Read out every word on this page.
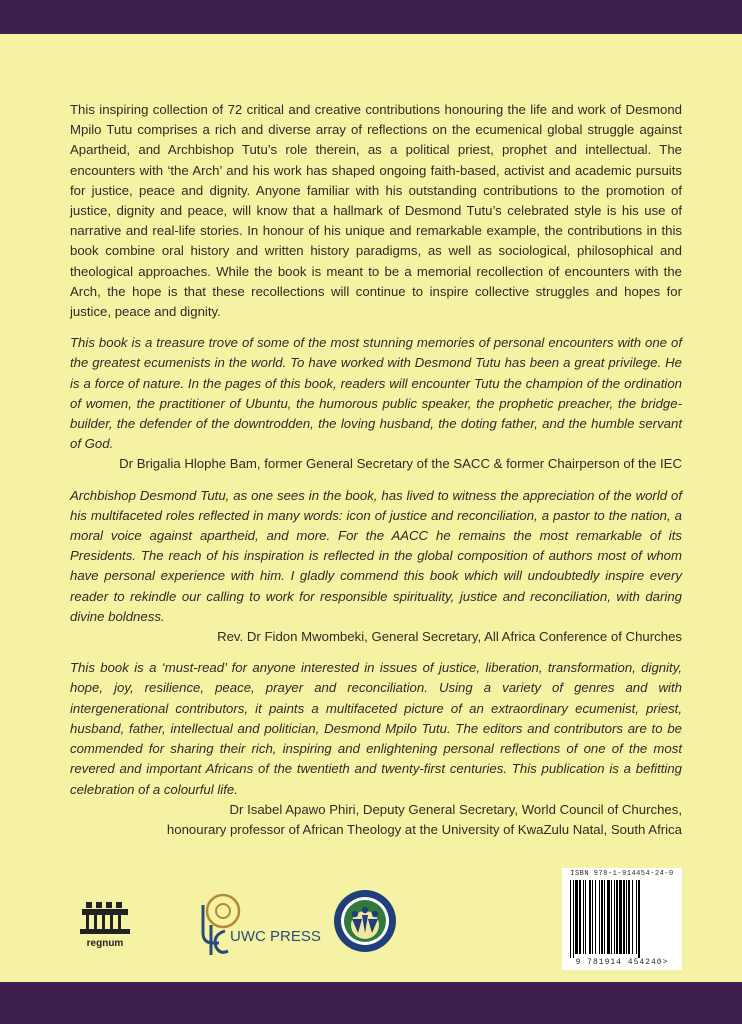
This inspiring collection of 72 critical and creative contributions honouring the life and work of Desmond Mpilo Tutu comprises a rich and diverse array of reflections on the ecumenical global struggle against Apartheid, and Archbishop Tutu’s role therein, as a political priest, prophet and intellectual. The encounters with ‘the Arch’ and his work has shaped ongoing faith-based, activist and academic pursuits for justice, peace and dignity. Anyone familiar with his outstanding contributions to the promotion of justice, dignity and peace, will know that a hallmark of Desmond Tutu’s celebrated style is his use of narrative and real-life stories. In honour of his unique and remarkable example, the contributions in this book combine oral history and written history paradigms, as well as sociological, philosophical and theological approaches. While the book is meant to be a memorial recollection of encounters with the Arch, the hope is that these recollections will continue to inspire collective struggles and hopes for justice, peace and dignity.

This book is a treasure trove of some of the most stunning memories of personal encounters with one of the greatest ecumenists in the world. To have worked with Desmond Tutu has been a great privilege. He is a force of nature. In the pages of this book, readers will encounter Tutu the champion of the ordination of women, the practitioner of Ubuntu, the humorous public speaker, the prophetic preacher, the bridge-builder, the defender of the downtrodden, the loving husband, the doting father, and the humble servant of God.

Dr Brigalia Hlophe Bam, former General Secretary of the SACC & former Chairperson of the IEC

Archbishop Desmond Tutu, as one sees in the book, has lived to witness the appreciation of the world of his multifaceted roles reflected in many words: icon of justice and reconciliation, a pastor to the nation, a moral voice against apartheid, and more. For the AACC he remains the most remarkable of its Presidents. The reach of his inspiration is reflected in the global composition of authors most of whom have personal experience with him. I gladly commend this book which will undoubtedly inspire every reader to rekindle our calling to work for responsible spirituality, justice and reconciliation, with daring divine boldness.

Rev. Dr Fidon Mwombeki, General Secretary, All Africa Conference of Churches

This book is a ‘must-read’ for anyone interested in issues of justice, liberation, transformation, dignity, hope, joy, resilience, peace, prayer and reconciliation. Using a variety of genres and with intergenerational contributors, it paints a multifaceted picture of an extraordinary ecumenist, priest, husband, father, intellectual and politician, Desmond Mpilo Tutu. The editors and contributors are to be commended for sharing their rich, inspiring and enlightening personal reflections of one of the most revered and important Africans of the twentieth and twenty-first centuries. This publication is a befitting celebration of a colourful life.

Dr Isabel Apawo Phiri, Deputy General Secretary, World Council of Churches,
honourary professor of African Theology at the University of KwaZulu Natal, South Africa

regnum	UWC PRESS
ISBN 978-1-914454-24-0
9 781914 454240>
